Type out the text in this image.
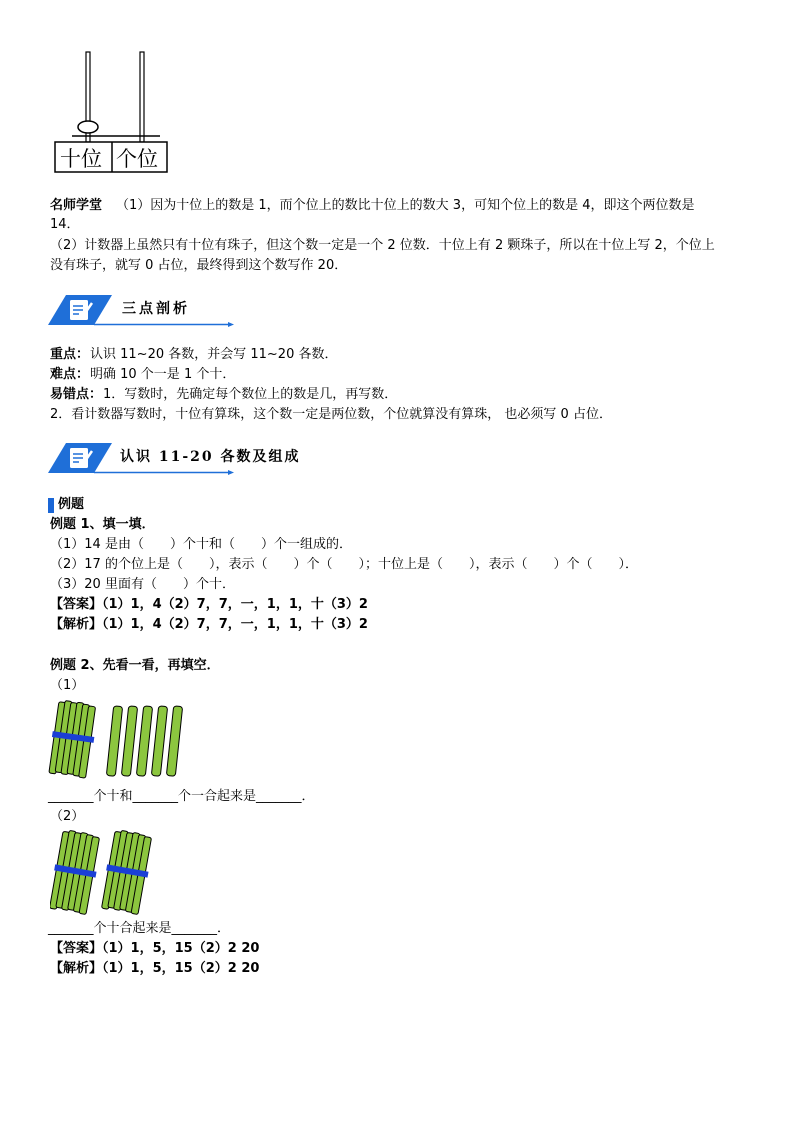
十位 个位
名师学堂 （1）因为十位上的数是 1，而个位上的数比十位上的数大 3，可知个位上的数是 4，即这个两位数是
14．
（2）计数器上虽然只有十位有珠子，但这个数一定是一个 2 位数．十位上有 2 颗珠子，所以在十位上写 2，个位上
没有珠子，就写 0 占位，最终得到这个数写作 20．
三点剖析
重点： 认识 11~20 各数，并会写 11~20 各数．
难点： 明确 10 个一是 1 个十．
易错点： 1．写数时，先确定每个数位上的数是几，再写数．
2．看计数器写数时，十位有算珠，这个数一定是两位数，个位就算没有算珠， 也必须写 0 占位．
认识 11-20 各数及组成
例题
例题 1、填一填．
（1）14 是由（　　）个十和（　　）个一组成的．
（2）17 的个位上是（　　），表示（　　）个（　　）；十位上是（　　），表示（　　）个（　　）．
（3）20 里面有（　　）个十．
【答案】（1）1，4（2）7，7，一，1，1，十（3）2
【解析】（1）1，4（2）7，7，一，1，1，十（3）2
例题 2、先看一看，再填空．
（1）
_______个十和_______个一合起来是_______．
（2）
_______个十合起来是_______．
【答案】（1）1，5，15（2）2 20
【解析】（1）1，5，15（2）2 20
